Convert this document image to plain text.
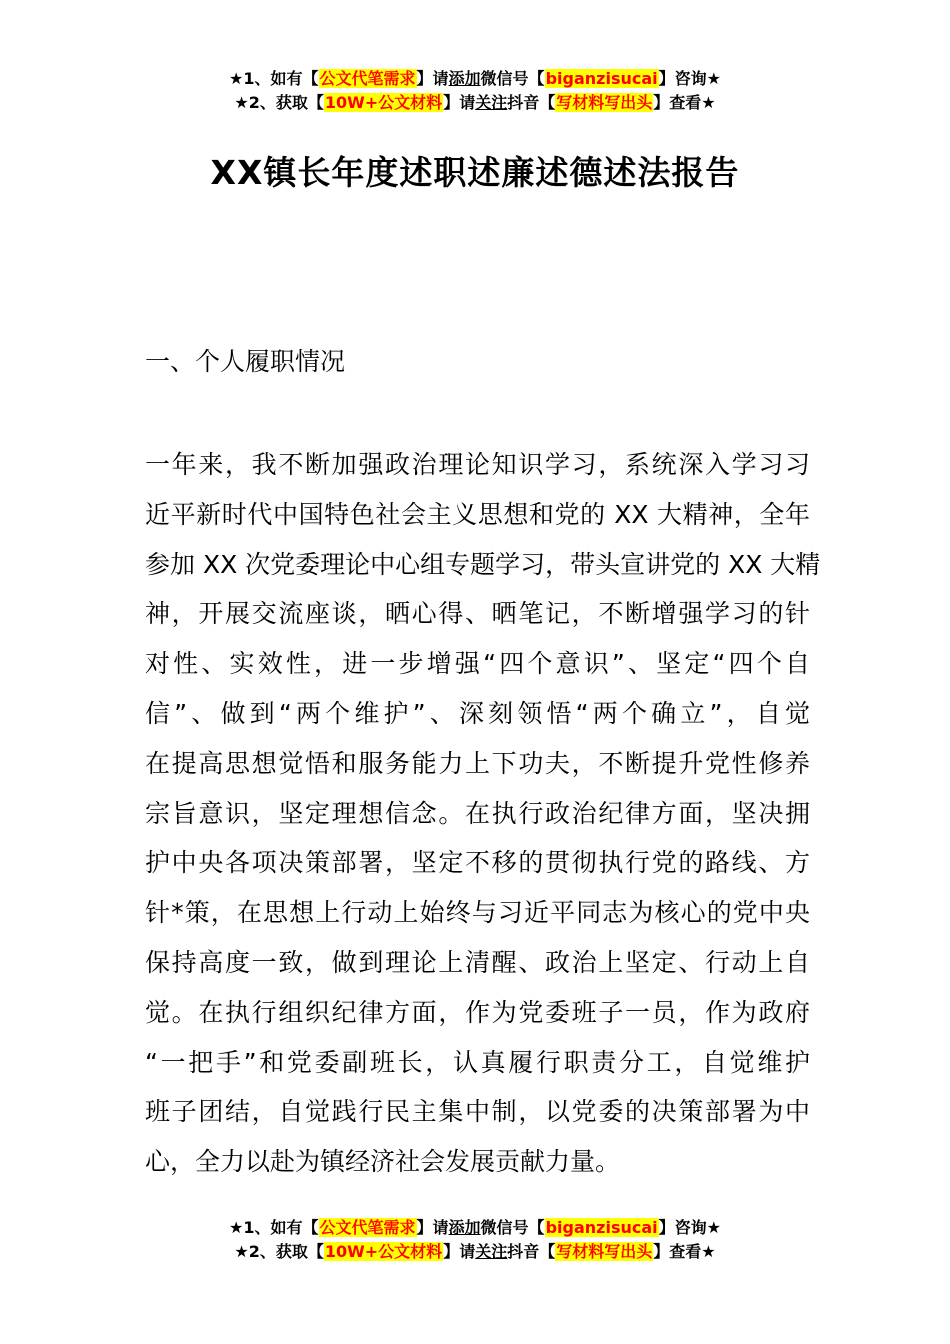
★1、如有【公文代笔需求】请添加微信号【biganzisucai】咨询★
★2、获取【10W+公文材料】请关注抖音【写材料写出头】查看★
XX镇长年度述职述廉述德述法报告
一、个人履职情况
一年来，我不断加强政治理论知识学习，系统深入学习习
近平新时代中国特色社会主义思想和党的 XX 大精神，全年
参加 XX 次党委理论中心组专题学习，带头宣讲党的 XX 大精
神，开展交流座谈，晒心得、晒笔记，不断增强学习的针
对性、实效性，进一步增强“四个意识”、坚定“四个自
信”、做到“两个维护”、深刻领悟“两个确立”，自觉
在提高思想觉悟和服务能力上下功夫，不断提升党性修养
宗旨意识，坚定理想信念。在执行政治纪律方面，坚决拥
护中央各项决策部署，坚定不移的贯彻执行党的路线、方
针*策，在思想上行动上始终与习近平同志为核心的党中央
保持高度一致，做到理论上清醒、政治上坚定、行动上自
觉。在执行组织纪律方面，作为党委班子一员，作为政府
“一把手”和党委副班长，认真履行职责分工，自觉维护
班子团结，自觉践行民主集中制，以党委的决策部署为中
心，全力以赴为镇经济社会发展贡献力量。
★1、如有【公文代笔需求】请添加微信号【biganzisucai】咨询★
★2、获取【10W+公文材料】请关注抖音【写材料写出头】查看★
